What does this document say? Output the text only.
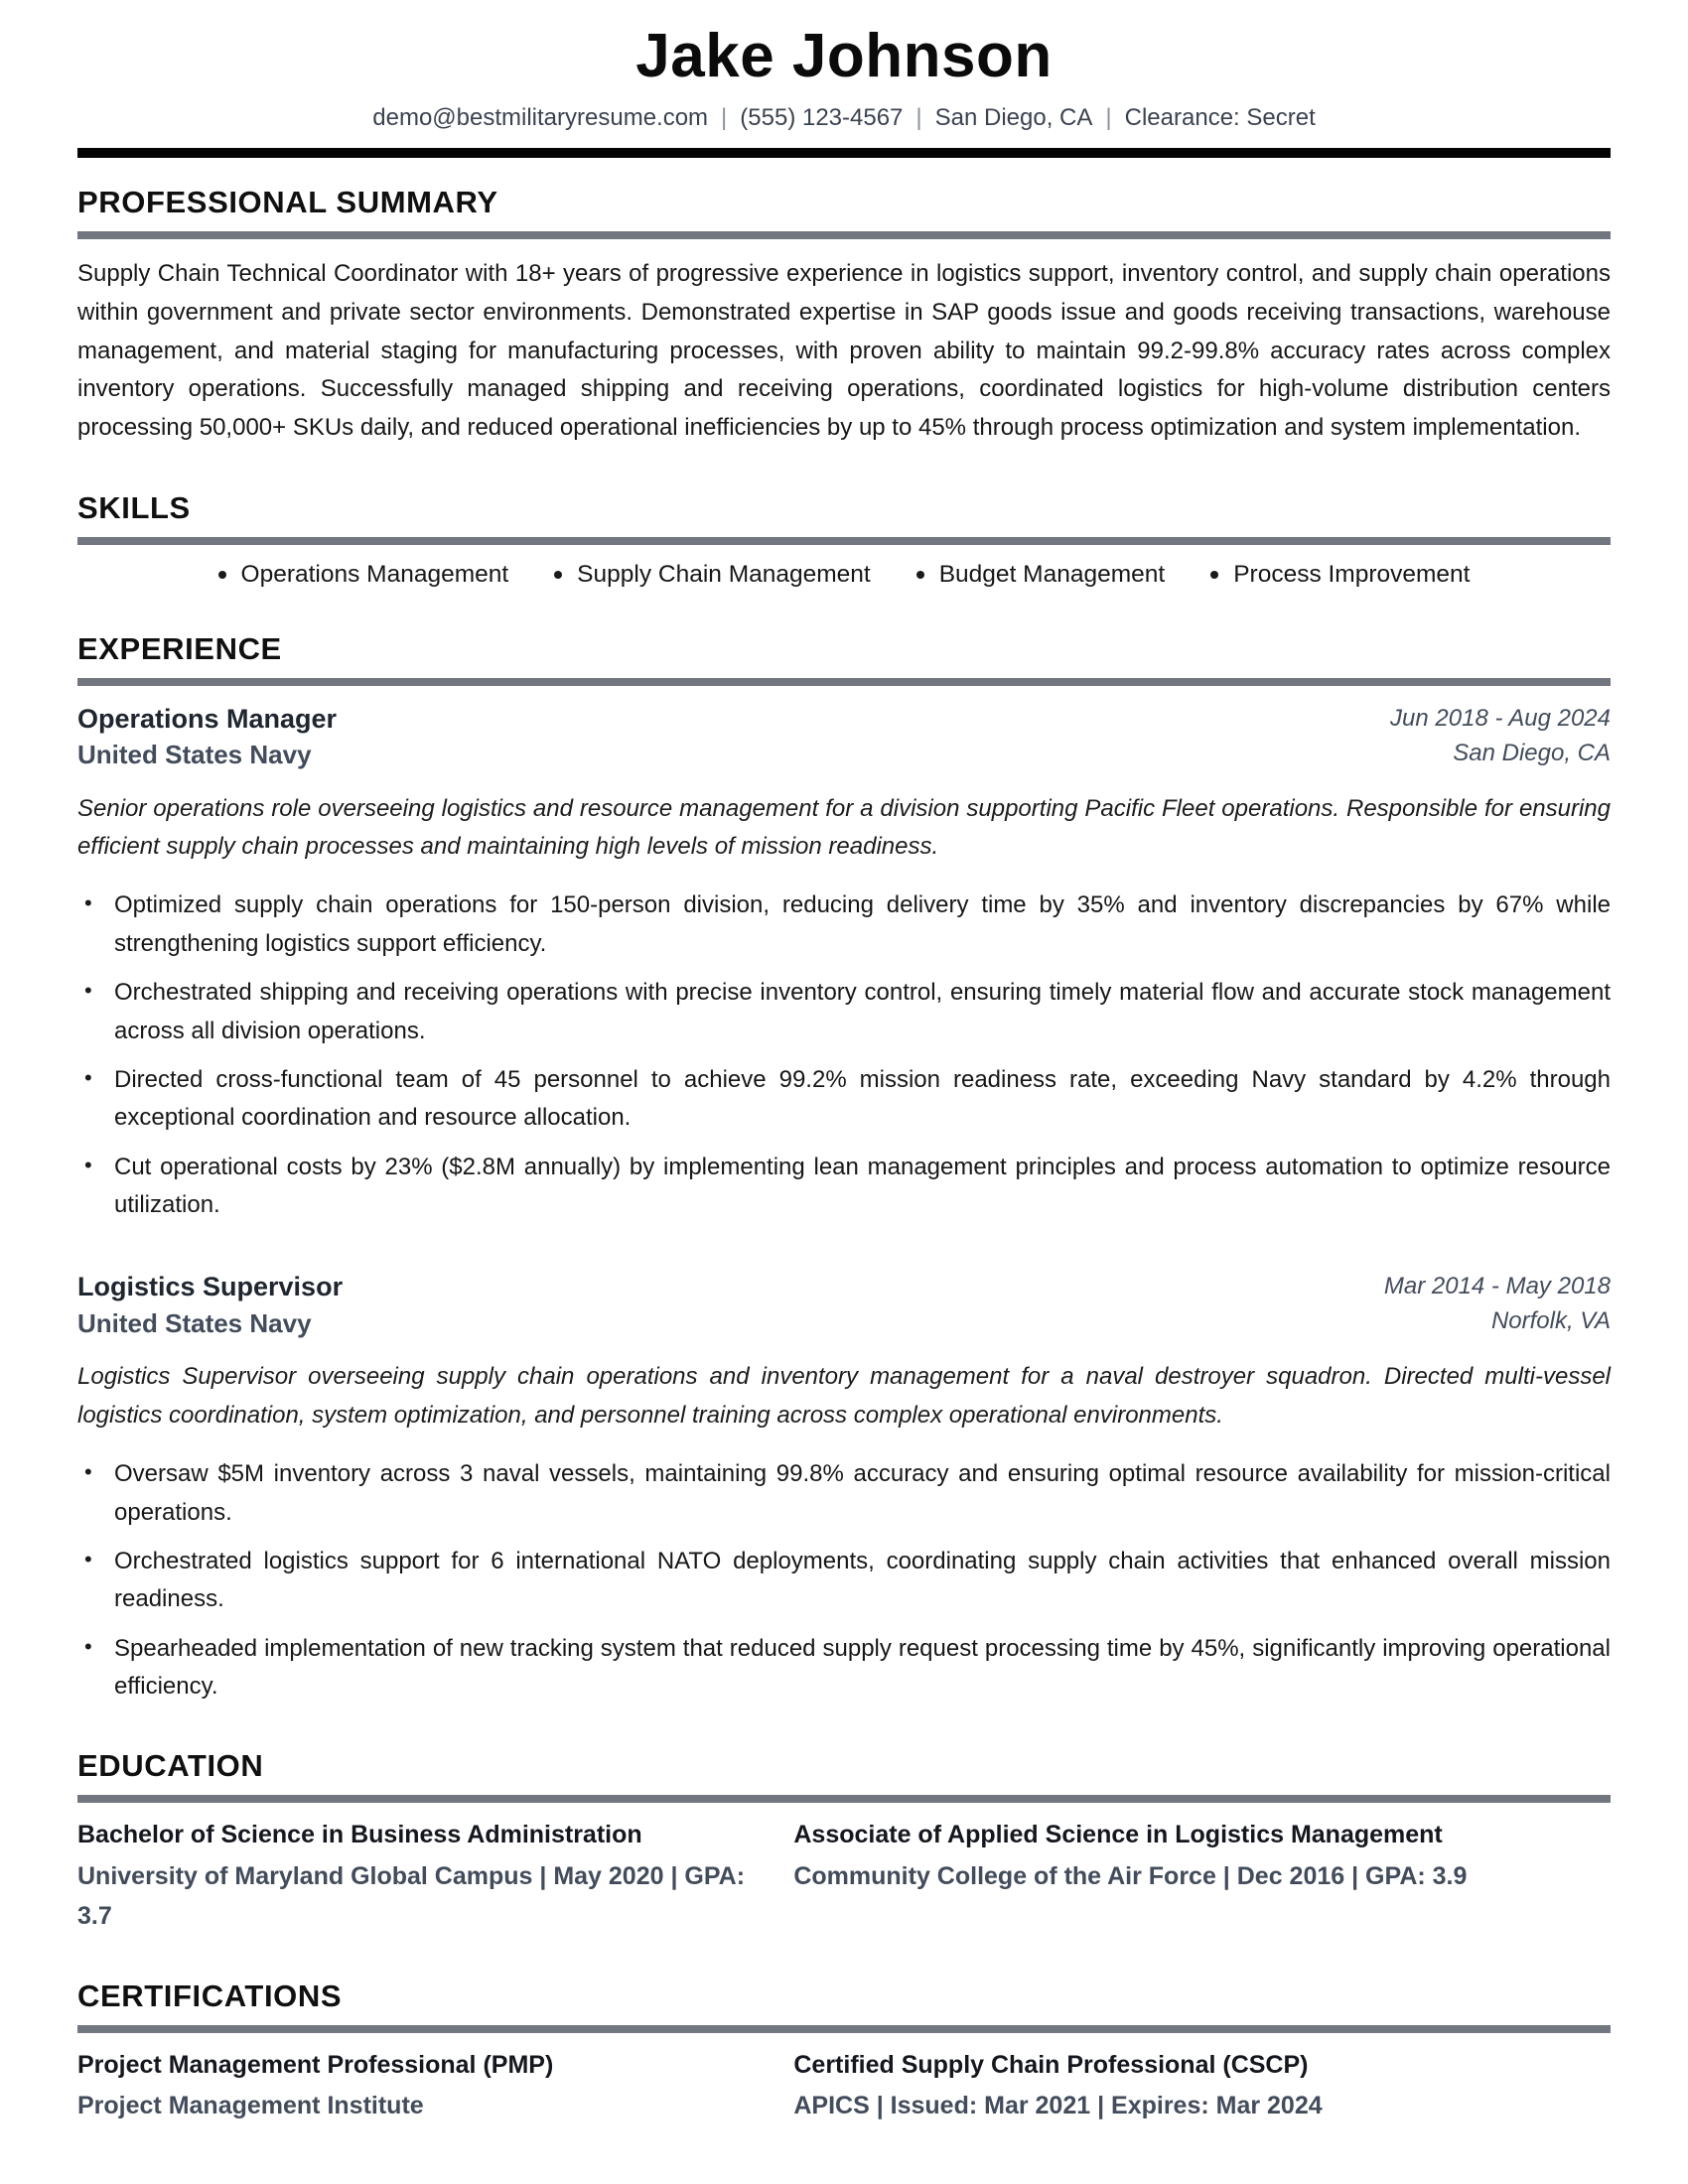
Jake Johnson
demo@bestmilitaryresume.com | (555) 123-4567 | San Diego, CA | Clearance: Secret
PROFESSIONAL SUMMARY

Supply Chain Technical Coordinator with 18+ years of progressive experience in logistics support, inventory control, and supply chain operations within government and private sector environments. Demonstrated expertise in SAP goods issue and goods receiving transactions, warehouse management, and material staging for manufacturing processes, with proven ability to maintain 99.2-99.8% accuracy rates across complex inventory operations. Successfully managed shipping and receiving operations, coordinated logistics for high-volume distribution centers processing 50,000+ SKUs daily, and reduced operational inefficiencies by up to 45% through process optimization and system implementation.

SKILLS
Operations Management	Supply Chain Management	Budget Management	Process Improvement
EXPERIENCE
Operations Manager
United States Navy
Jun 2018 - Aug 2024
San Diego, CA

Senior operations role overseeing logistics and resource management for a division supporting Pacific Fleet operations. Responsible for ensuring efficient supply chain processes and maintaining high levels of mission readiness.

• Optimized supply chain operations for 150-person division, reducing delivery time by 35% and inventory discrepancies by 67% while strengthening logistics support efficiency.
• Orchestrated shipping and receiving operations with precise inventory control, ensuring timely material flow and accurate stock management across all division operations.
• Directed cross-functional team of 45 personnel to achieve 99.2% mission readiness rate, exceeding Navy standard by 4.2% through exceptional coordination and resource allocation.
• Cut operational costs by 23% ($2.8M annually) by implementing lean management principles and process automation to optimize resource utilization.
Logistics Supervisor
United States Navy
Mar 2014 - May 2018
Norfolk, VA

Logistics Supervisor overseeing supply chain operations and inventory management for a naval destroyer squadron. Directed multi-vessel logistics coordination, system optimization, and personnel training across complex operational environments.

• Oversaw $5M inventory across 3 naval vessels, maintaining 99.8% accuracy and ensuring optimal resource availability for mission-critical operations.
• Orchestrated logistics support for 6 international NATO deployments, coordinating supply chain activities that enhanced overall mission readiness.
• Spearheaded implementation of new tracking system that reduced supply request processing time by 45%, significantly improving operational efficiency.
EDUCATION
Bachelor of Science in Business Administration
University of Maryland Global Campus | May 2020 | GPA: 3.7
Associate of Applied Science in Logistics Management
Community College of the Air Force | Dec 2016 | GPA: 3.9
CERTIFICATIONS
Project Management Professional (PMP)
Project Management Institute
Certified Supply Chain Professional (CSCP)
APICS | Issued: Mar 2021 | Expires: Mar 2024
